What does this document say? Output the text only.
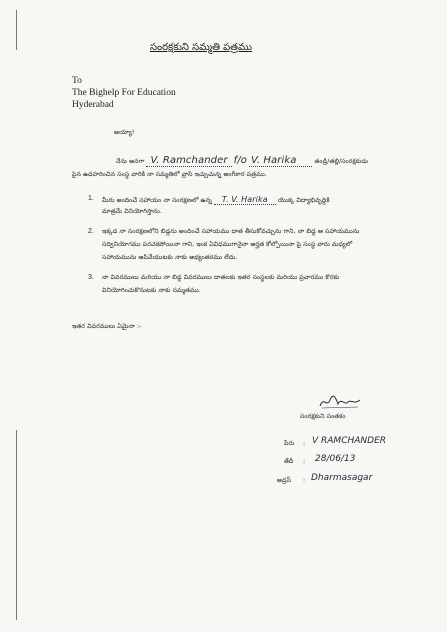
సంరక్షకుని సమ్మతి పత్రము
To
The Bighelp For Education
Hyderabad
అయ్యా!
నేను అనగా V. Ramchander f/o V. Harika	తండ్రి/తల్లి/సంరక్షకుడు
పైన ఉదహరించిన సంస్థ వారికి నా సమ్మతిలో వ్రాసి ఇచ్చుచున్న అంగీకార పత్రము.
1. మీరు అందించే సహాయం నా సంరక్షణలో ఉన్న T. V. Harika యొక్క విద్యాభివృద్ధికి
మాత్రమే వినియోగిస్తాను.
2. ఇక్కడ నా సంరక్షణలోని బిడ్డను అందించే సహాయము దాత తీసుకోవచ్చును గాని, నా బిడ్డ ఆ సహాయమును
సద్వినియోగము పరచకపోయినా గాని, ఇంక ఏవిధముగానైనా అర్హత కోల్పోయినా పై సంస్థ వారు మధ్యలో
సహాయమును ఆపివేయుటకు నాకు అభ్యంతరము లేదు.
3. నా వివరములు మరియు నా బిడ్డ వివరములు దాతలకు ఇతర సంస్థలకు మరియు ప్రచారము కొరకు
వినియోగించుకొనుటకు నాకు సమ్మతము.
ఇతర వివరములు ఏమైనా :-
సంరక్షకుని సంతకం
పేరు : V RAMCHANDER
తేదీ : 28/06/13
అడ్రస్ : Dharmasagar
